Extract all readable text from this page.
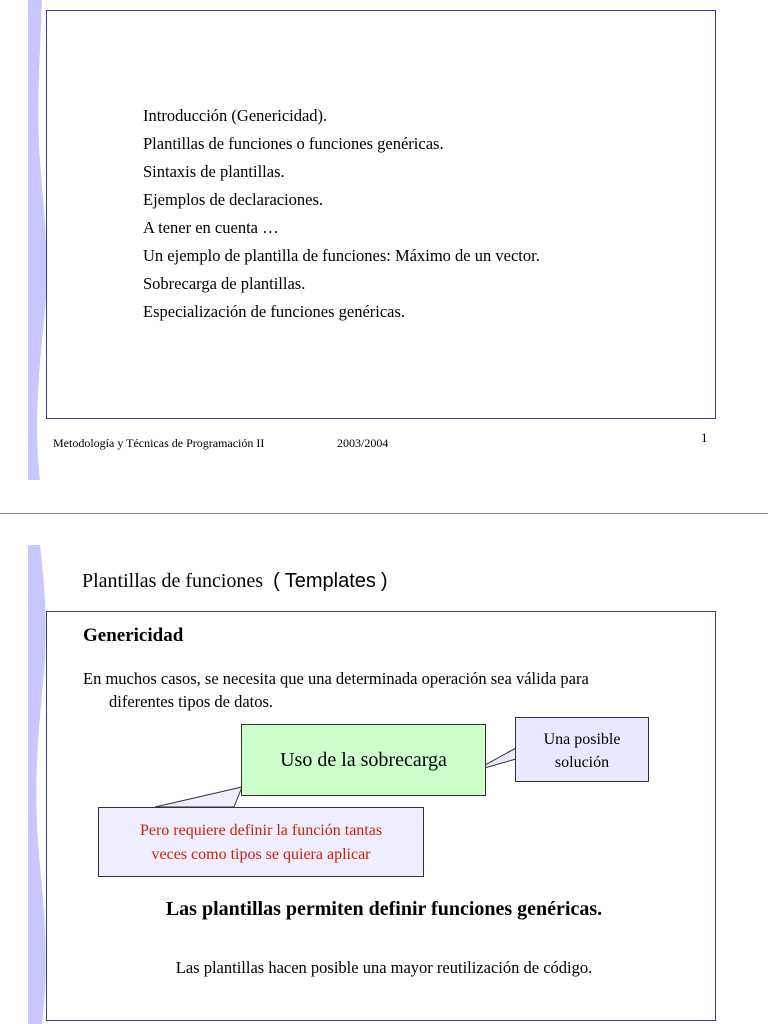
Introducción (Genericidad).
Plantillas de funciones o funciones genéricas.
Sintaxis de plantillas.
Ejemplos de declaraciones.
A tener en cuenta …
Un ejemplo de plantilla de funciones: Máximo de un vector.
Sobrecarga de plantillas.
Especialización de funciones genéricas.
Metodología y Técnicas de Programación II	2003/2004	1
Plantillas de funciones ( Templates )
Genericidad
En muchos casos, se necesita que una determinada operación sea válida para
diferentes tipos de datos.
Uso de la sobrecarga
Una posible
solución
Pero requiere definir la función tantas
veces como tipos se quiera aplicar
Las plantillas permiten definir funciones genéricas.
Las plantillas hacen posible una mayor reutilización de código.
